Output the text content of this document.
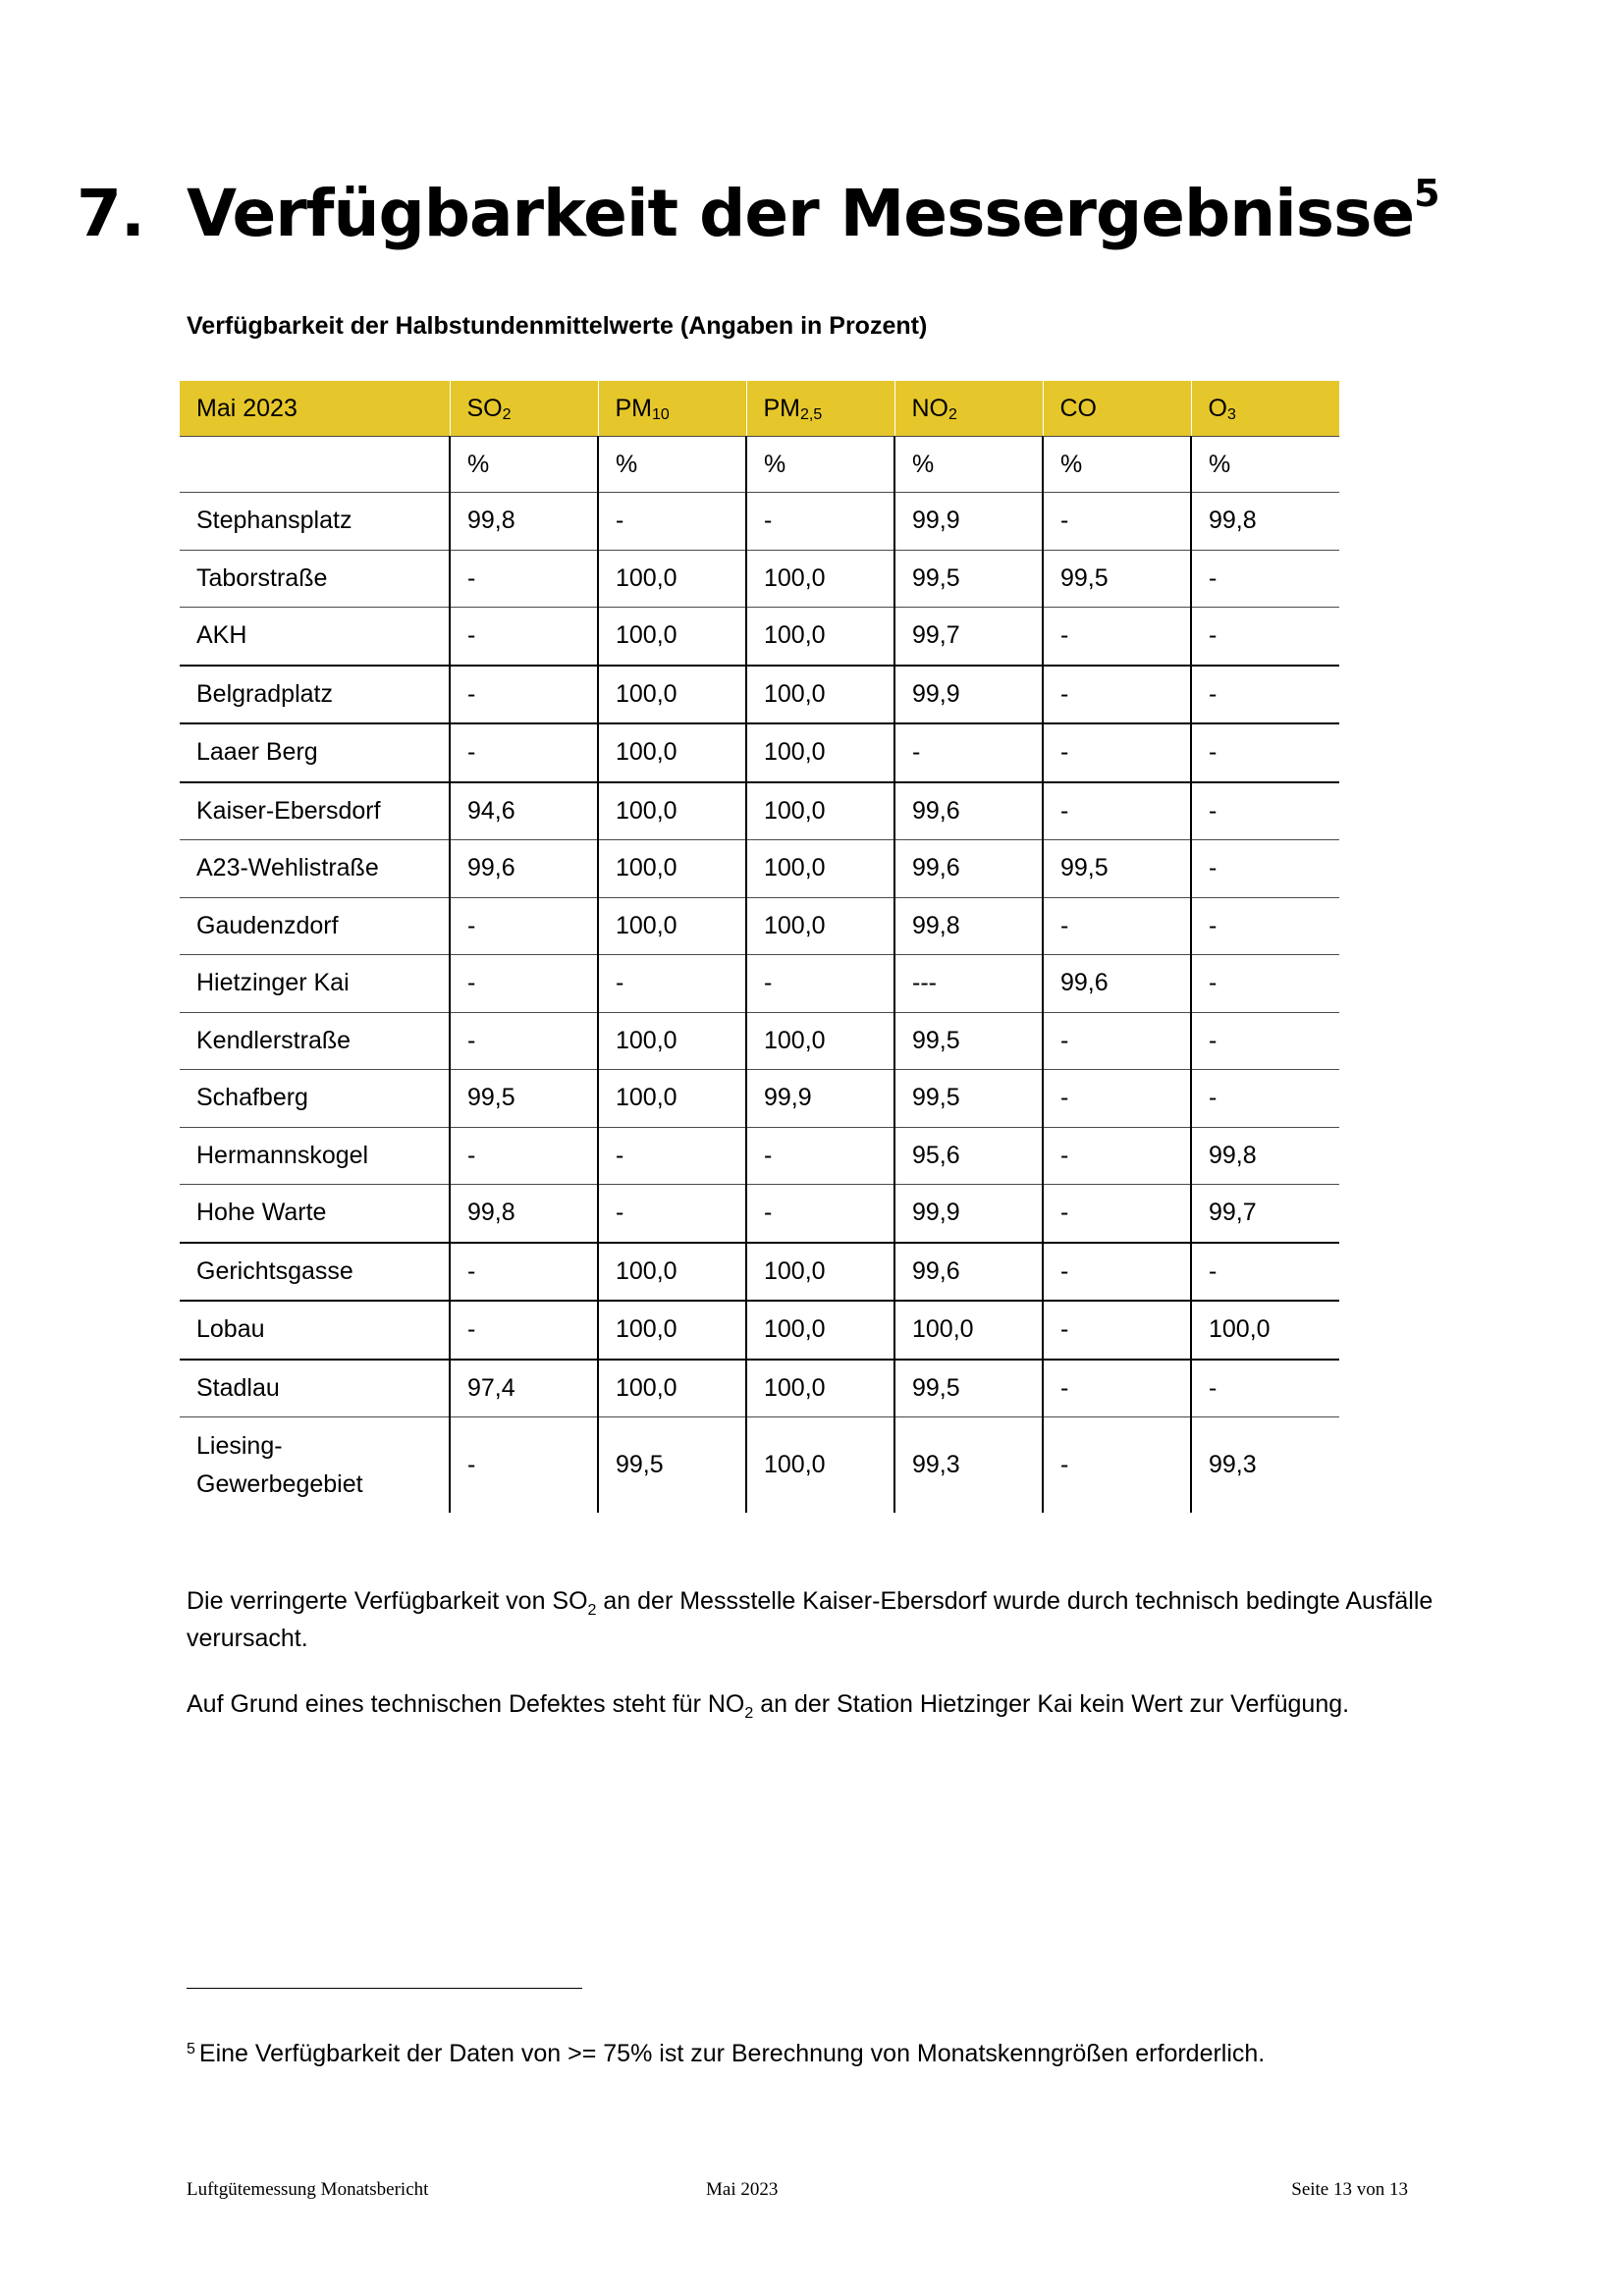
7. Verfügbarkeit der Messergebnisse$^5$
Verfügbarkeit der Halbstundenmittelwerte (Angaben in Prozent)
Mai 2023	$SO_2$	$PM_{10}$	$PM_{2,5}$	$NO_2$	CO	$O_3$
	%	%	%	%	%	%
Stephansplatz	99,8	-	-	99,9	-	99,8
Taborstraße	-	100,0	100,0	99,5	99,5	-
AKH	-	100,0	100,0	99,7	-	-
Belgradplatz	-	100,0	100,0	99,9	-	-
Laaer Berg	-	100,0	100,0	-	-	-
Kaiser-Ebersdorf	94,6	100,0	100,0	99,6	-	-
A23-Wehlistraße	99,6	100,0	100,0	99,6	99,5	-
Gaudenzdorf	-	100,0	100,0	99,8	-	-
Hietzinger Kai	-	-	-	---	99,6	-
Kendlerstraße	-	100,0	100,0	99,5	-	-
Schafberg	99,5	100,0	99,9	99,5	-	-
Hermannskogel	-	-	-	95,6	-	99,8
Hohe Warte	99,8	-	-	99,9	-	99,7
Gerichtsgasse	-	100,0	100,0	99,6	-	-
Lobau	-	100,0	100,0	100,0	-	100,0
Stadlau	97,4	100,0	100,0	99,5	-	-
Liesing-
Gewerbegebiet	-	99,5	100,0	99,3	-	99,3
Die verringerte Verfügbarkeit von $SO_2$ an der Messstelle Kaiser-Ebersdorf wurde durch technisch bedingte Ausfälle verursacht.
Auf Grund eines technischen Defektes steht für $NO_2$ an der Station Hietzinger Kai kein Wert zur Verfügung.
$^5$ Eine Verfügbarkeit der Daten von >= 75% ist zur Berechnung von Monatskenngrößen erforderlich.
Luftgütemessung Monatsbericht	Mai 2023	Seite 13 von 13
